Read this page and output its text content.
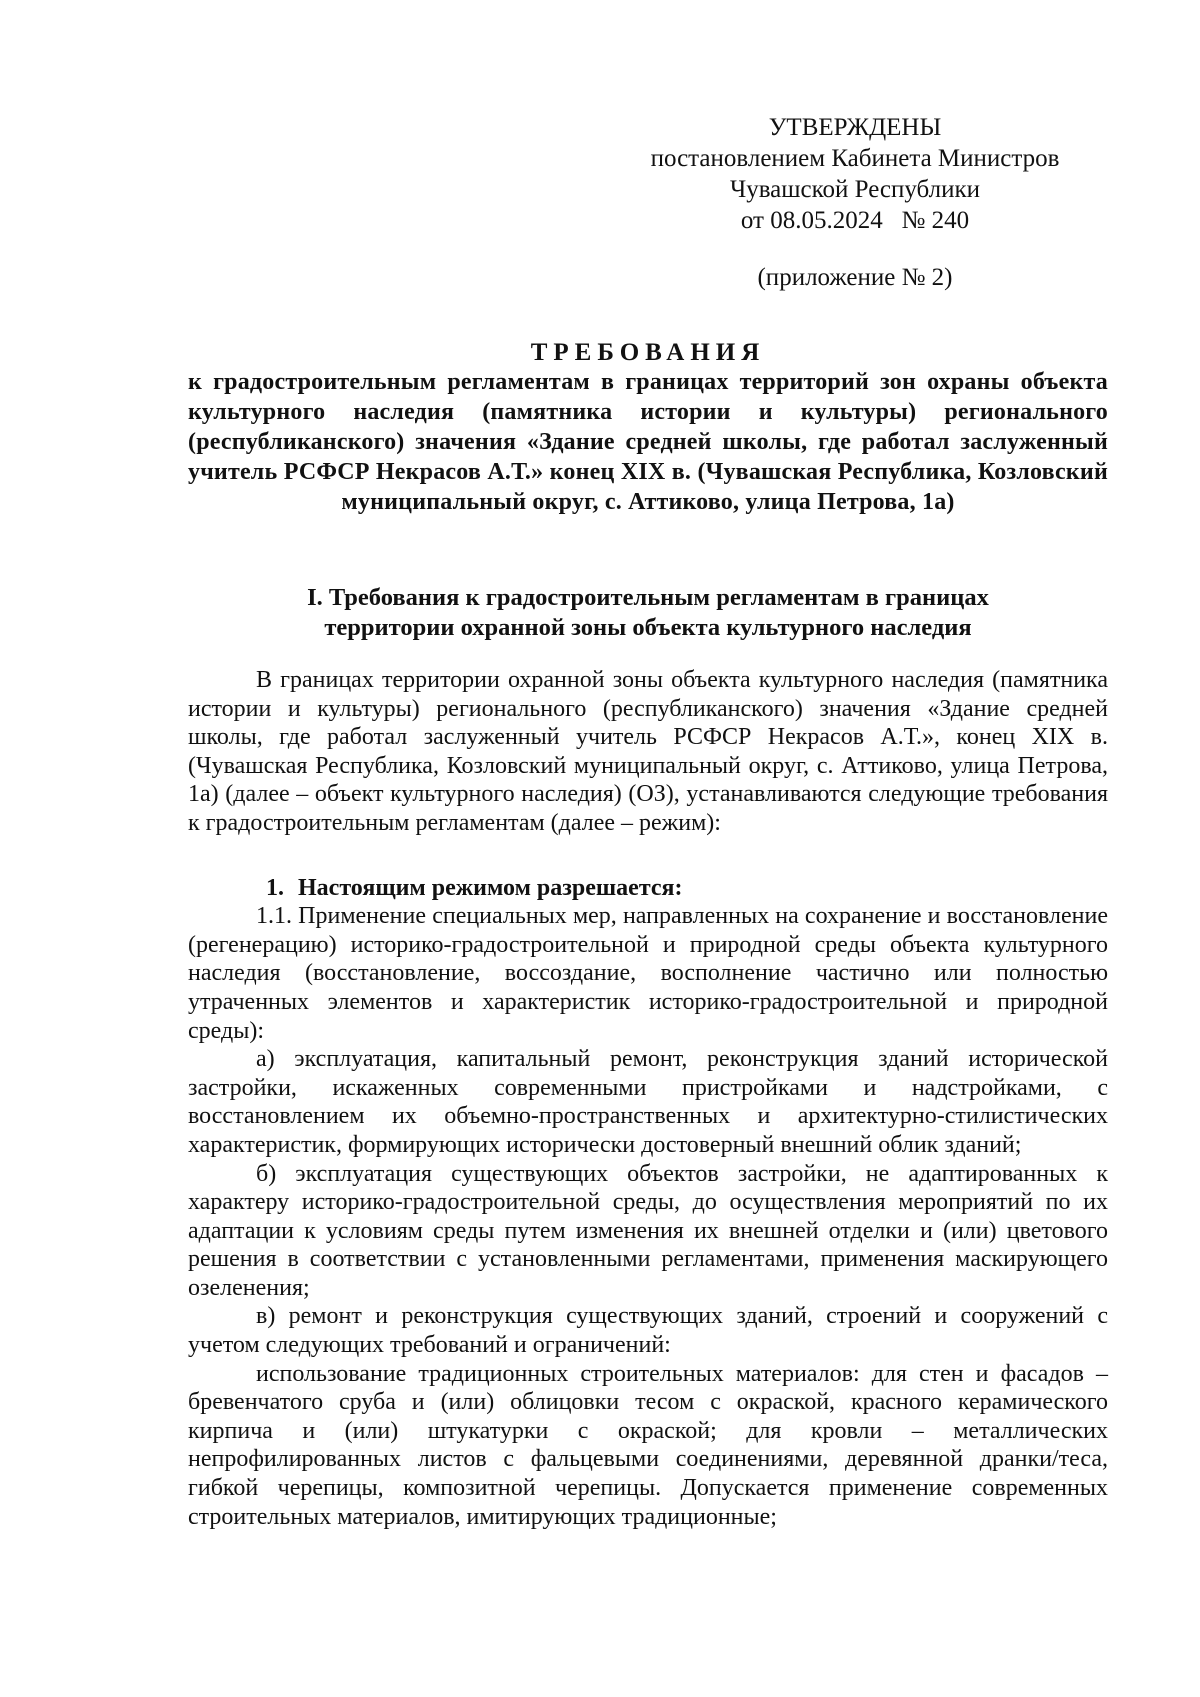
УТВЕРЖДЕНЫ
постановлением Кабинета Министров
Чувашской Республики
от 08.05.2024   № 240
(приложение № 2)
ТРЕБОВАНИЯ
к градостроительным регламентам в границах территорий зон охраны объекта культурного наследия (памятника истории и культуры) регионального (республиканского) значения «Здание средней школы, где работал заслуженный учитель РСФСР Некрасов А.Т.» конец XIX в. (Чувашская Республика, Козловский муниципальный округ, с. Аттиково, улица Петрова, 1а)
I. Требования к градостроительным регламентам в границах
территории охранной зоны объекта культурного наследия

В границах территории охранной зоны объекта культурного наследия (памятника истории и культуры) регионального (республиканского) значения «Здание средней школы, где работал заслуженный учитель РСФСР Некрасов А.Т.», конец XIX в. (Чувашская Республика, Козловский муниципальный округ, с. Аттиково, улица Петрова, 1а) (далее – объект культурного наследия) (ОЗ), устанавливаются следующие требования к градостроительным регламентам (далее – режим):

1. Настоящим режимом разрешается:

1.1. Применение специальных мер, направленных на сохранение и восстановление (регенерацию) историко-градостроительной и природной среды объекта культурного наследия (восстановление, воссоздание, восполнение частично или полностью утраченных элементов и характеристик историко-градостроительной и природной среды):

а) эксплуатация, капитальный ремонт, реконструкция зданий исторической застройки, искаженных современными пристройками и надстройками, с восстановлением их объемно-пространственных и архитектурно-стилистических характеристик, формирующих исторически достоверный внешний облик зданий;

б) эксплуатация существующих объектов застройки, не адаптированных к характеру историко-градостроительной среды, до осуществления мероприятий по их адаптации к условиям среды путем изменения их внешней отделки и (или) цветового решения в соответствии с установленными регламентами, применения маскирующего озеленения;

в) ремонт и реконструкция существующих зданий, строений и сооружений с учетом следующих требований и ограничений:

использование традиционных строительных материалов: для стен и фасадов – бревенчатого сруба и (или) облицовки тесом с окраской, красного керамического кирпича и (или) штукатурки с окраской; для кровли – металлических непрофилированных листов с фальцевыми соединениями, деревянной дранки/теса, гибкой черепицы, композитной черепицы. Допускается применение современных строительных материалов, имитирующих традиционные;
